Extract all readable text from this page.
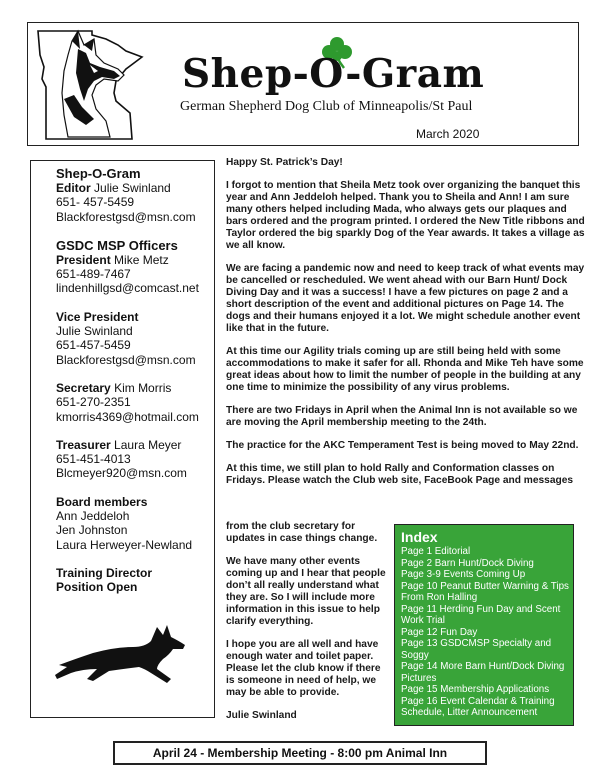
Shep-O-Gram
German Shepherd Dog Club of Minneapolis/St Paul
March 2020
Shep-O-Gram
Editor Julie Swinland
651- 457-5459
Blackforestgsd@msn.com
GSDC MSP Officers
President Mike Metz
651-489-7467
lindenhillgsd@comcast.net
Vice President
Julie Swinland
651-457-5459
Blackforestgsd@msn.com
Secretary Kim Morris
651-270-2351
kmorris4369@hotmail.com
Treasurer Laura Meyer
651-451-4013
Blcmeyer920@msn.com
Board members
Ann Jeddeloh
Jen Johnston
Laura Herweyer-Newland
Training Director
Position Open

Happy St. Patrick’s Day!

I forgot to mention that Sheila Metz took over organizing the banquet this year and Ann Jeddeloh helped. Thank you to Sheila and Ann! I am sure many others helped including Mada, who always gets our plaques and bars ordered and the program printed. I ordered the New Title ribbons and Taylor ordered the big sparkly Dog of the Year awards. It takes a village as we all know.

We are facing a pandemic now and need to keep track of what events may be cancelled or rescheduled. We went ahead with our Barn Hunt/ Dock Diving Day and it was a success! I have a few pictures on page 2 and a short description of the event and additional pictures on Page 14. The dogs and their humans enjoyed it a lot. We might schedule another event like that in the future.

At this time our Agility trials coming up are still being held with some accommodations to make it safer for all. Rhonda and Mike Teh have some great ideas about how to limit the number of people in the building at any one time to minimize the possibility of any virus problems.

There are two Fridays in April when the Animal Inn is not available so we are moving the April membership meeting to the 24th.

The practice for the AKC Temperament Test is being moved to May 22nd.

At this time, we still plan to hold Rally and Conformation classes on Fridays. Please watch the Club web site, FaceBook Page and messages

from the club secretary for updates in case things change.

We have many other events coming up and I hear that people don’t all really understand what they are. So I will include more information in this issue to help clarify everything.

I hope you are all well and have enough water and toilet paper. Please let the club know if there is someone in need of help, we may be able to provide.

Julie Swinland

Index
Page 1 Editorial
Page 2 Barn Hunt/Dock Diving
Page 3-9 Events Coming Up
Page 10 Peanut Butter Warning & Tips From Ron Halling
Page 11 Herding Fun Day and Scent Work Trial
Page 12 Fun Day
Page 13 GSDCMSP Specialty and Soggy
Page 14 More Barn Hunt/Dock Diving Pictures
Page 15 Membership Applications
Page 16 Event Calendar & Training Schedule, Litter Announcement
April 24 - Membership Meeting - 8:00 pm Animal Inn
